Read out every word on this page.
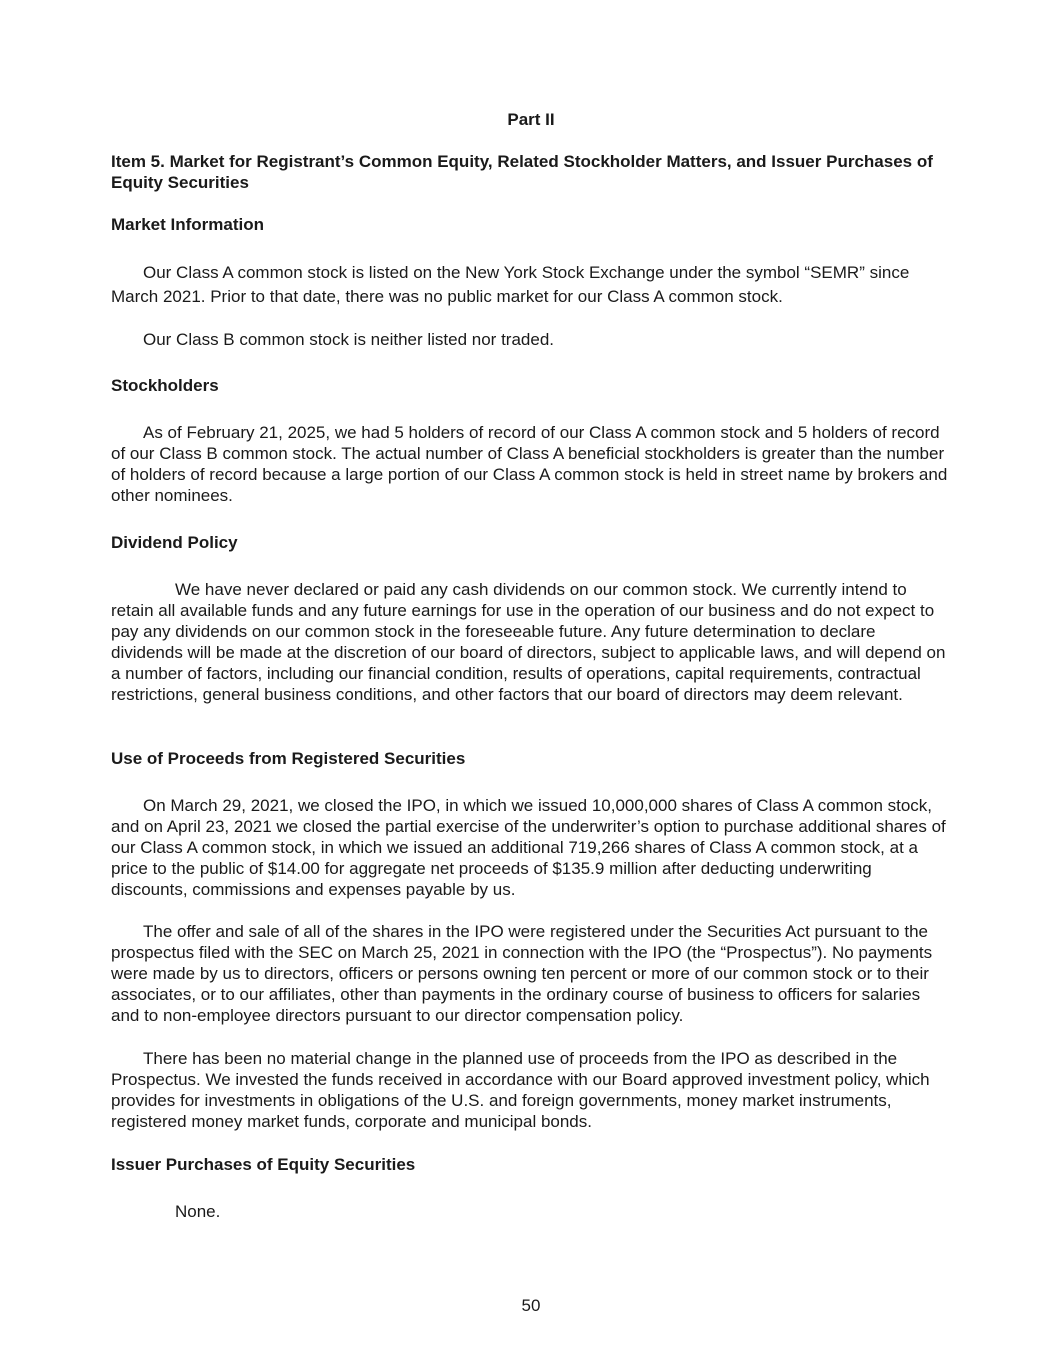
Part II

Item 5. Market for Registrant’s Common Equity, Related Stockholder Matters, and Issuer Purchases of Equity Securities

Market Information

Our Class A common stock is listed on the New York Stock Exchange under the symbol “SEMR” since March 2021. Prior to that date, there was no public market for our Class A common stock.

Our Class B common stock is neither listed nor traded.

Stockholders

As of February 21, 2025, we had 5 holders of record of our Class A common stock and 5 holders of record of our Class B common stock. The actual number of Class A beneficial stockholders is greater than the number of holders of record because a large portion of our Class A common stock is held in street name by brokers and other nominees.

Dividend Policy

We have never declared or paid any cash dividends on our common stock. We currently intend to retain all available funds and any future earnings for use in the operation of our business and do not expect to pay any dividends on our common stock in the foreseeable future. Any future determination to declare dividends will be made at the discretion of our board of directors, subject to applicable laws, and will depend on a number of factors, including our financial condition, results of operations, capital requirements, contractual restrictions, general business conditions, and other factors that our board of directors may deem relevant.

Use of Proceeds from Registered Securities

On March 29, 2021, we closed the IPO, in which we issued 10,000,000 shares of Class A common stock, and on April 23, 2021 we closed the partial exercise of the underwriter’s option to purchase additional shares of our Class A common stock, in which we issued an additional 719,266 shares of Class A common stock, at a price to the public of $14.00 for aggregate net proceeds of $135.9 million after deducting underwriting discounts, commissions and expenses payable by us.

The offer and sale of all of the shares in the IPO were registered under the Securities Act pursuant to the prospectus filed with the SEC on March 25, 2021 in connection with the IPO (the “Prospectus”). No payments were made by us to directors, officers or persons owning ten percent or more of our common stock or to their associates, or to our affiliates, other than payments in the ordinary course of business to officers for salaries and to non-employee directors pursuant to our director compensation policy.

There has been no material change in the planned use of proceeds from the IPO as described in the Prospectus. We invested the funds received in accordance with our Board approved investment policy, which provides for investments in obligations of the U.S. and foreign governments, money market instruments, registered money market funds, corporate and municipal bonds.

Issuer Purchases of Equity Securities

None.

50
